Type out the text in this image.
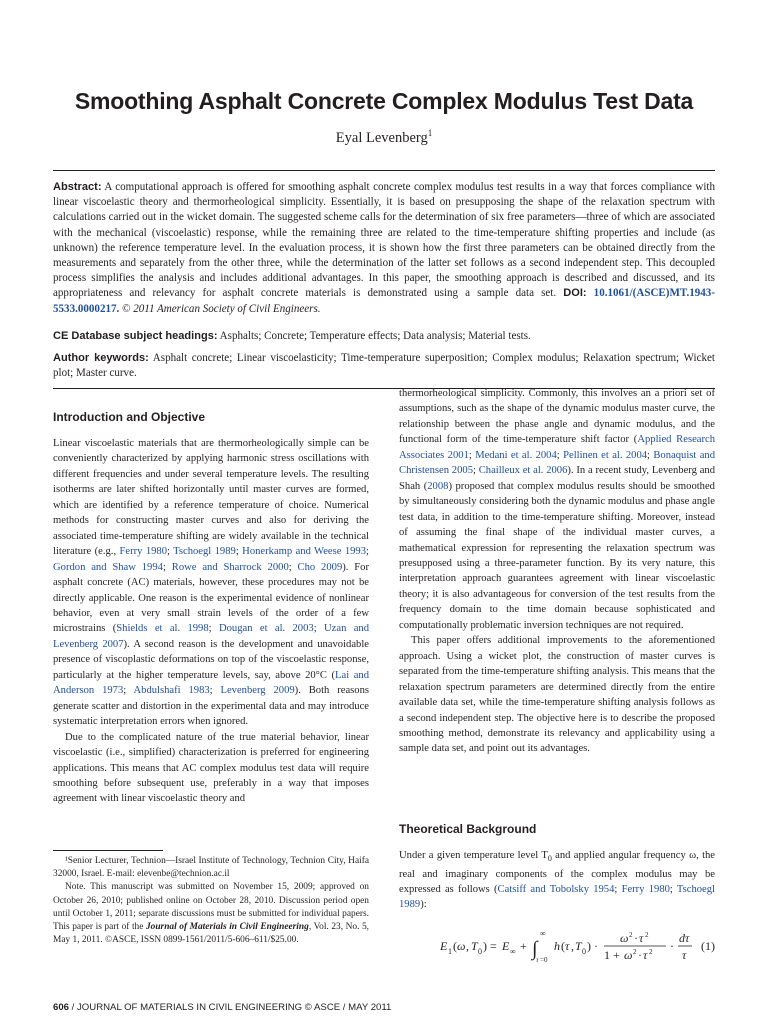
Smoothing Asphalt Concrete Complex Modulus Test Data
Eyal Levenberg$^1$
Abstract: A computational approach is offered for smoothing asphalt concrete complex modulus test results in a way that forces compliance with linear viscoelastic theory and thermorheological simplicity. Essentially, it is based on presupposing the shape of the relaxation spectrum with calculations carried out in the wicket domain. The suggested scheme calls for the determination of six free parameters—three of which are associated with the mechanical (viscoelastic) response, while the remaining three are related to the time-temperature shifting properties and include (as unknown) the reference temperature level. In the evaluation process, it is shown how the first three parameters can be obtained directly from the measurements and separately from the other three, while the determination of the latter set follows as a second independent step. This decoupled process simplifies the analysis and includes additional advantages. In this paper, the smoothing approach is described and discussed, and its appropriateness and relevancy for asphalt concrete materials is demonstrated using a sample data set. DOI: 10.1061/(ASCE)MT.1943-5533.0000217. © 2011 American Society of Civil Engineers.
CE Database subject headings: Asphalts; Concrete; Temperature effects; Data analysis; Material tests.
Author keywords: Asphalt concrete; Linear viscoelasticity; Time-temperature superposition; Complex modulus; Relaxation spectrum; Wicket plot; Master curve.
Introduction and Objective

Linear viscoelastic materials that are thermorheologically simple can be conveniently characterized by applying harmonic stress oscillations with different frequencies and under several temperature levels. The resulting isotherms are later shifted horizontally until master curves are formed, which are identified by a reference temperature of choice. Numerical methods for constructing master curves and also for deriving the associated time-temperature shifting are widely available in the technical literature (e.g., Ferry 1980; Tschoegl 1989; Honerkamp and Weese 1993; Gordon and Shaw 1994; Rowe and Sharrock 2000; Cho 2009). For asphalt concrete (AC) materials, however, these procedures may not be directly applicable. One reason is the experimental evidence of nonlinear behavior, even at very small strain levels of the order of a few microstrains (Shields et al. 1998; Dougan et al. 2003; Uzan and Levenberg 2007). A second reason is the development and unavoidable presence of viscoplastic deformations on top of the viscoelastic response, particularly at the higher temperature levels, say, above 20°C (Lai and Anderson 1973; Abdulshafi 1983; Levenberg 2009). Both reasons generate scatter and distortion in the experimental data and may introduce systematic interpretation errors when ignored.

Due to the complicated nature of the true material behavior, linear viscoelastic (i.e., simplified) characterization is preferred for engineering applications. This means that AC complex modulus test data will require smoothing before subsequent use, preferably in a way that imposes agreement with linear viscoelastic theory and

¹Senior Lecturer, Technion—Israel Institute of Technology, Technion City, Haifa 32000, Israel. E-mail: elevenbe@technion.ac.il

Note. This manuscript was submitted on November 15, 2009; approved on October 26, 2010; published online on October 28, 2010. Discussion period open until October 1, 2011; separate discussions must be submitted for individual papers. This paper is part of the Journal of Materials in Civil Engineering, Vol. 23, No. 5, May 1, 2011. ©ASCE, ISSN 0899-1561/2011/5-606–611/$25.00.

thermorheological simplicity. Commonly, this involves an a priori set of assumptions, such as the shape of the dynamic modulus master curve, the relationship between the phase angle and dynamic modulus, and the functional form of the time-temperature shift factor (Applied Research Associates 2001; Medani et al. 2004; Pellinen et al. 2004; Bonaquist and Christensen 2005; Chailleux et al. 2006). In a recent study, Levenberg and Shah (2008) proposed that complex modulus results should be smoothed by simultaneously considering both the dynamic modulus and phase angle test data, in addition to the time-temperature shifting. Moreover, instead of assuming the final shape of the individual master curves, a mathematical expression for representing the relaxation spectrum was presupposed using a three-parameter function. By its very nature, this interpretation approach guarantees agreement with linear viscoelastic theory; it is also advantageous for conversion of the test results from the frequency domain to the time domain because sophisticated and computationally problematic inversion techniques are not required.

This paper offers additional improvements to the aforementioned approach. Using a wicket plot, the construction of master curves is separated from the time-temperature shifting analysis. This means that the relaxation spectrum parameters are determined directly from the entire available data set, while the time-temperature shifting analysis follows as a second independent step. The objective here is to describe the proposed smoothing method, demonstrate its relevancy and applicability using a sample data set, and point out its advantages.

Theoretical Background

Under a given temperature level $T_0$ and applied angular frequency ω, the real and imaginary components of the complex modulus may be expressed as follows (Catsiff and Tobolsky 1954; Ferry 1980; Tschoegl 1989):

E 1 ( ω , T 0 ) = E ∞ + ∫
∞
τ =0
h ( τ , T 0 ) ·
ω 2 · τ 2
1 + ω 2 · τ 2 ·
dτ
τ
(1)
606 / JOURNAL OF MATERIALS IN CIVIL ENGINEERING © ASCE / MAY 2011
